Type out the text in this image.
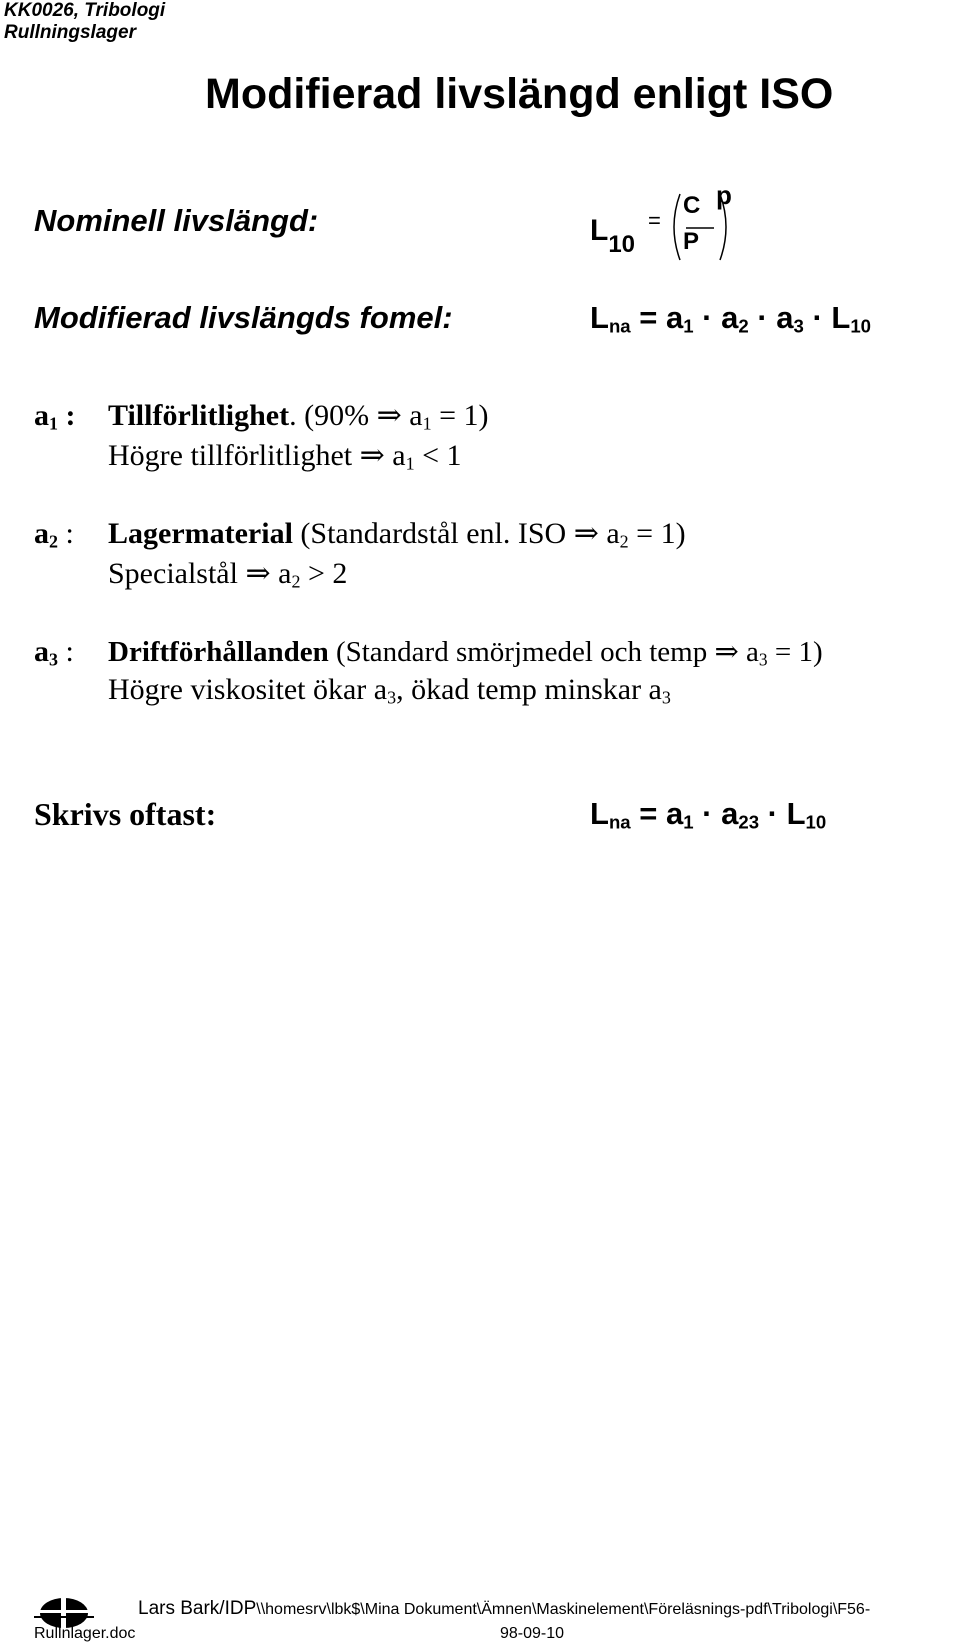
KK0026, Tribologi
Rullningslager
Modifierad livslängd enligt ISO
Nominell livslängd:	$L_{10}$
=
C
P
p
Modifierad livslängds fomel:	$L_{na} = a_1 \cdot a_2 \cdot a_3 \cdot L_{10}$
$a_1$ : Tillförlitlighet. (90% ⇒ $a_1 = 1$)
Högre tillförlitlighet ⇒ $a_1 < 1$
$a_2$ : Lagermaterial (Standardstål enl. ISO ⇒ $a_2 = 1$)
Specialstål ⇒ $a_2 > 2$
$a_3$ : Driftförhållanden (Standard smörjmedel och temp ⇒ $a_3 = 1$)
Högre viskositet ökar $a_3$, ökad temp minskar $a_3$
Skrivs oftast:	$L_{na} = a_1 \cdot a_{23} \cdot L_{10}$
Lars Bark/IDP\\homesrv\lbk$\Mina Dokument\Ämnen\Maskinelement\Föreläsnings-pdf\Tribologi\F56-
Rullnlager.doc	98-09-10
